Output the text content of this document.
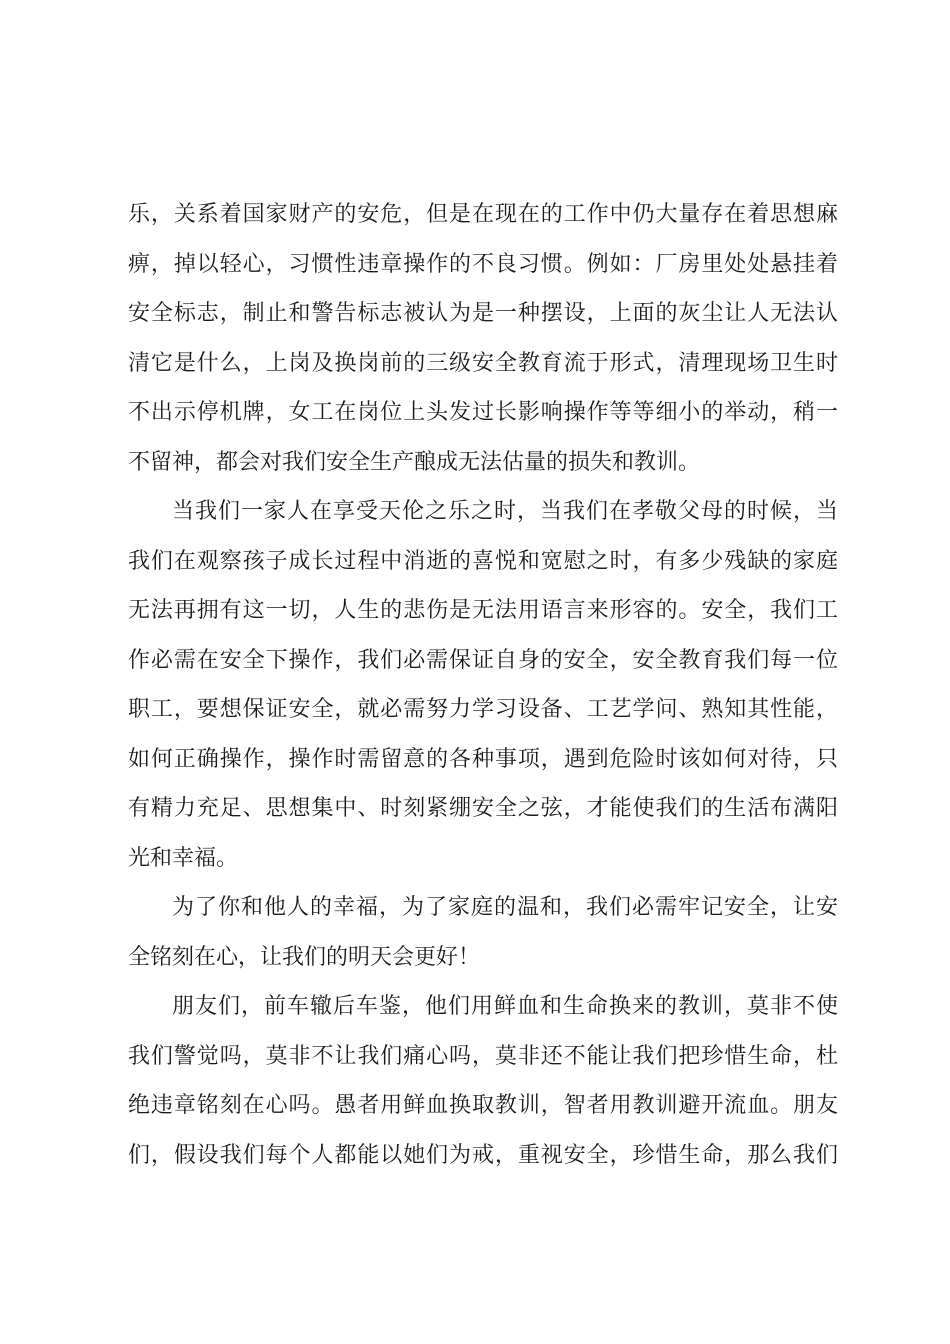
乐，关系着国家财产的安危，但是在现在的工作中仍大量存在着思想麻
痹，掉以轻心，习惯性违章操作的不良习惯。例如：厂房里处处悬挂着
安全标志，制止和警告标志被认为是一种摆设，上面的灰尘让人无法认
清它是什么，上岗及换岗前的三级安全教育流于形式，清理现场卫生时
不出示停机牌，女工在岗位上头发过长影响操作等等细小的举动，稍一
不留神，都会对我们安全生产酿成无法估量的损失和教训。
当我们一家人在享受天伦之乐之时，当我们在孝敬父母的时候，当
我们在观察孩子成长过程中消逝的喜悦和宽慰之时，有多少残缺的家庭
无法再拥有这一切，人生的悲伤是无法用语言来形容的。安全，我们工
作必需在安全下操作，我们必需保证自身的安全，安全教育我们每一位
职工，要想保证安全，就必需努力学习设备、工艺学问、熟知其性能，
如何正确操作，操作时需留意的各种事项，遇到危险时该如何对待，只
有精力充足、思想集中、时刻紧绷安全之弦，才能使我们的生活布满阳
光和幸福。
为了你和他人的幸福，为了家庭的温和，我们必需牢记安全，让安
全铭刻在心，让我们的明天会更好！
朋友们，前车辙后车鉴，他们用鲜血和生命换来的教训，莫非不使
我们警觉吗，莫非不让我们痛心吗，莫非还不能让我们把珍惜生命，杜
绝违章铭刻在心吗。愚者用鲜血换取教训，智者用教训避开流血。朋友
们，假设我们每个人都能以她们为戒，重视安全，珍惜生命，那么我们
